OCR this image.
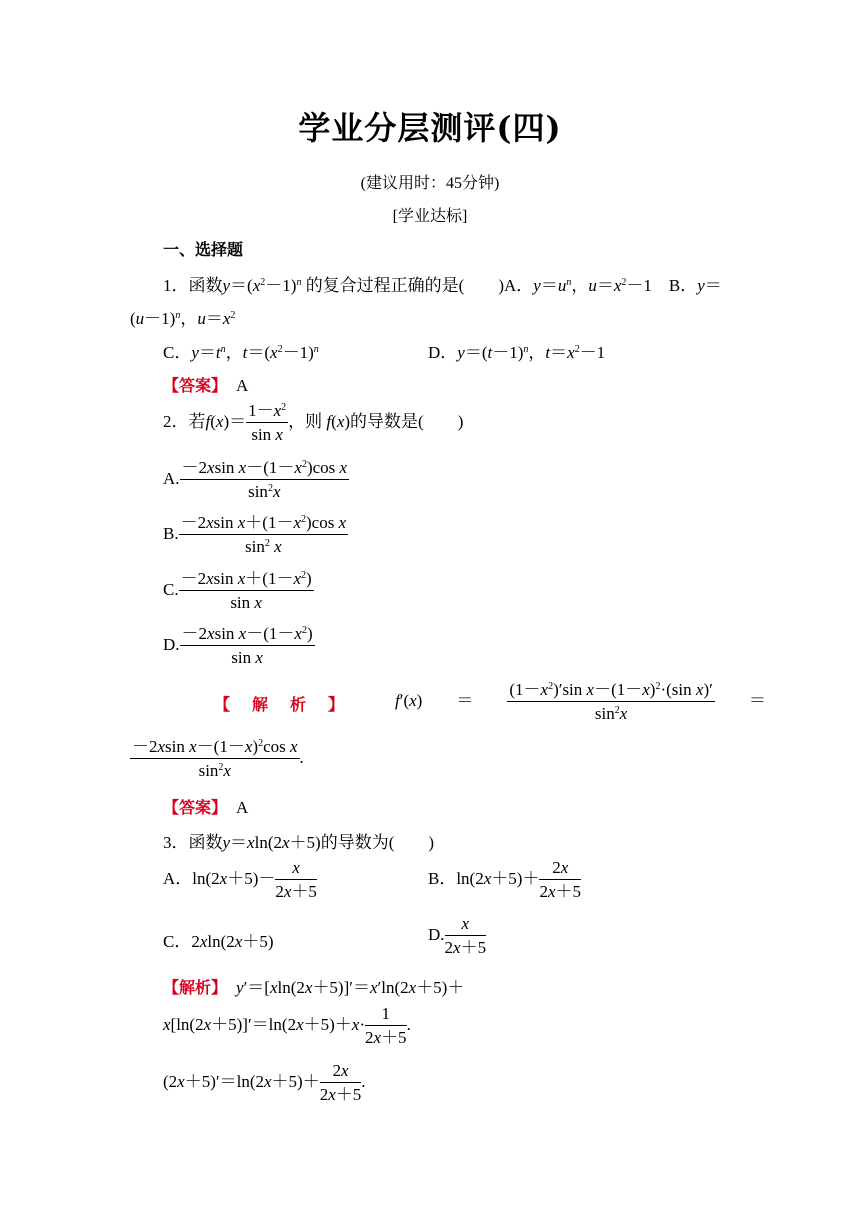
学业分层测评(四)
(建议用时：45分钟)
[学业达标]
一、选择题
1．函数$y=(x^2-1)^n$ 的复合过程正确的是(　　)A．$y=u^n$，$u=x^2-1$　B．y＝
$(u-1)^n$，$u=x^2$
C．$y=t^n$，$t=(x^2-1)^n$	D．$y=(t-1)^n$，$t=x^2-1$
【答案】　 A
2．若$f(x)= \frac{1-x^2}{\text{sin x}}$ ，则 f(x)的导数是(　　)
A. $\frac{-2xsin x-(1-x^2)\cos x}{\sin^2x}$
B. $\frac{-2xsin x+(1-x^2)\cos x}{\sin^2 x}$
C. $\frac{-2xsin x+(1-x^2)}{\text{sin x}}$
D. $\frac{-2xsin x-(1-x^2)}{\text{sin x}}$
【　解　析　】	f′(x)　　＝　　 $\frac{(1-x^2)'\sin x-(1-x)^2\cdot(\sin x)'}{\sin^2x}$ 　　＝
$\frac{-2xsin x-(1-x)^2\cos x}{\sin^2x}$ .
【答案】　 A
3．函数y＝xln(2x＋5)的导数为(　　)
A．$\ln(2x+5)- \frac{x}{2x+5}$	B．$\ln(2x+5)+ \frac{2x}{2x+5}$
C．2xln(2x＋5)	D. $\frac{x}{2x+5}$
【解析】　 y′＝[xln(2x＋5)]′＝x′ln(2x＋5)＋
$x[\ln(2x+5)]'=\ln(2x+5)+x\cdot \frac{1}{2x+5}$ .
$(2x+5)'=\ln(2x+5)+ \frac{2x}{2x+5}$ .
